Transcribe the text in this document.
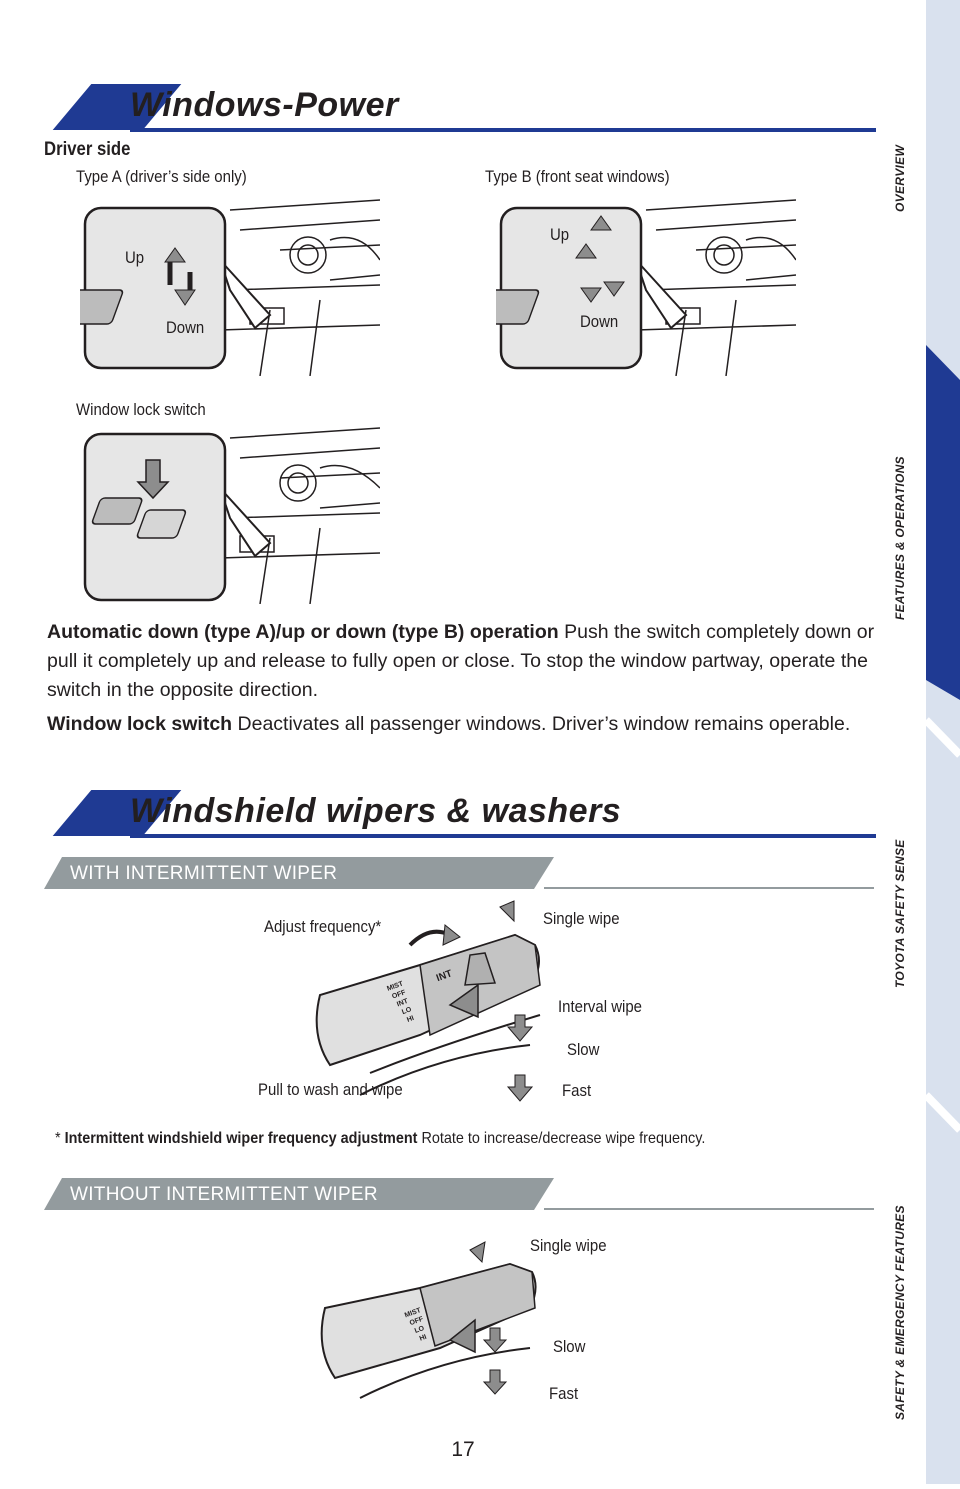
Windows-Power
Driver side
Type A (driver’s side only)	Type B (front seat windows)
Up
Down
Up
Down
Window lock switch
Automatic down (type A)/up or down (type B) operation Push the switch completely down or pull it completely up and release to fully open or close. To stop the window partway, operate the switch in the opposite direction.
Window lock switch Deactivates all passenger windows. Driver’s window remains operable.
Windshield wipers & washers
WITH INTERMITTENT WIPER
MIST
OFF
INT
LO
HI
INT
Adjust frequency*	Single wipe
Interval wipe
Slow
Fast
Pull to wash and wipe
* Intermittent windshield wiper frequency adjustment Rotate to increase/decrease wipe frequency.
WITHOUT INTERMITTENT WIPER
MIST
OFF
LO
HI
Single wipe
Slow
Fast
OVERVIEW
FEATURES & OPERATIONS
TOYOTA SAFETY SENSE
SAFETY & EMERGENCY FEATURES
17
